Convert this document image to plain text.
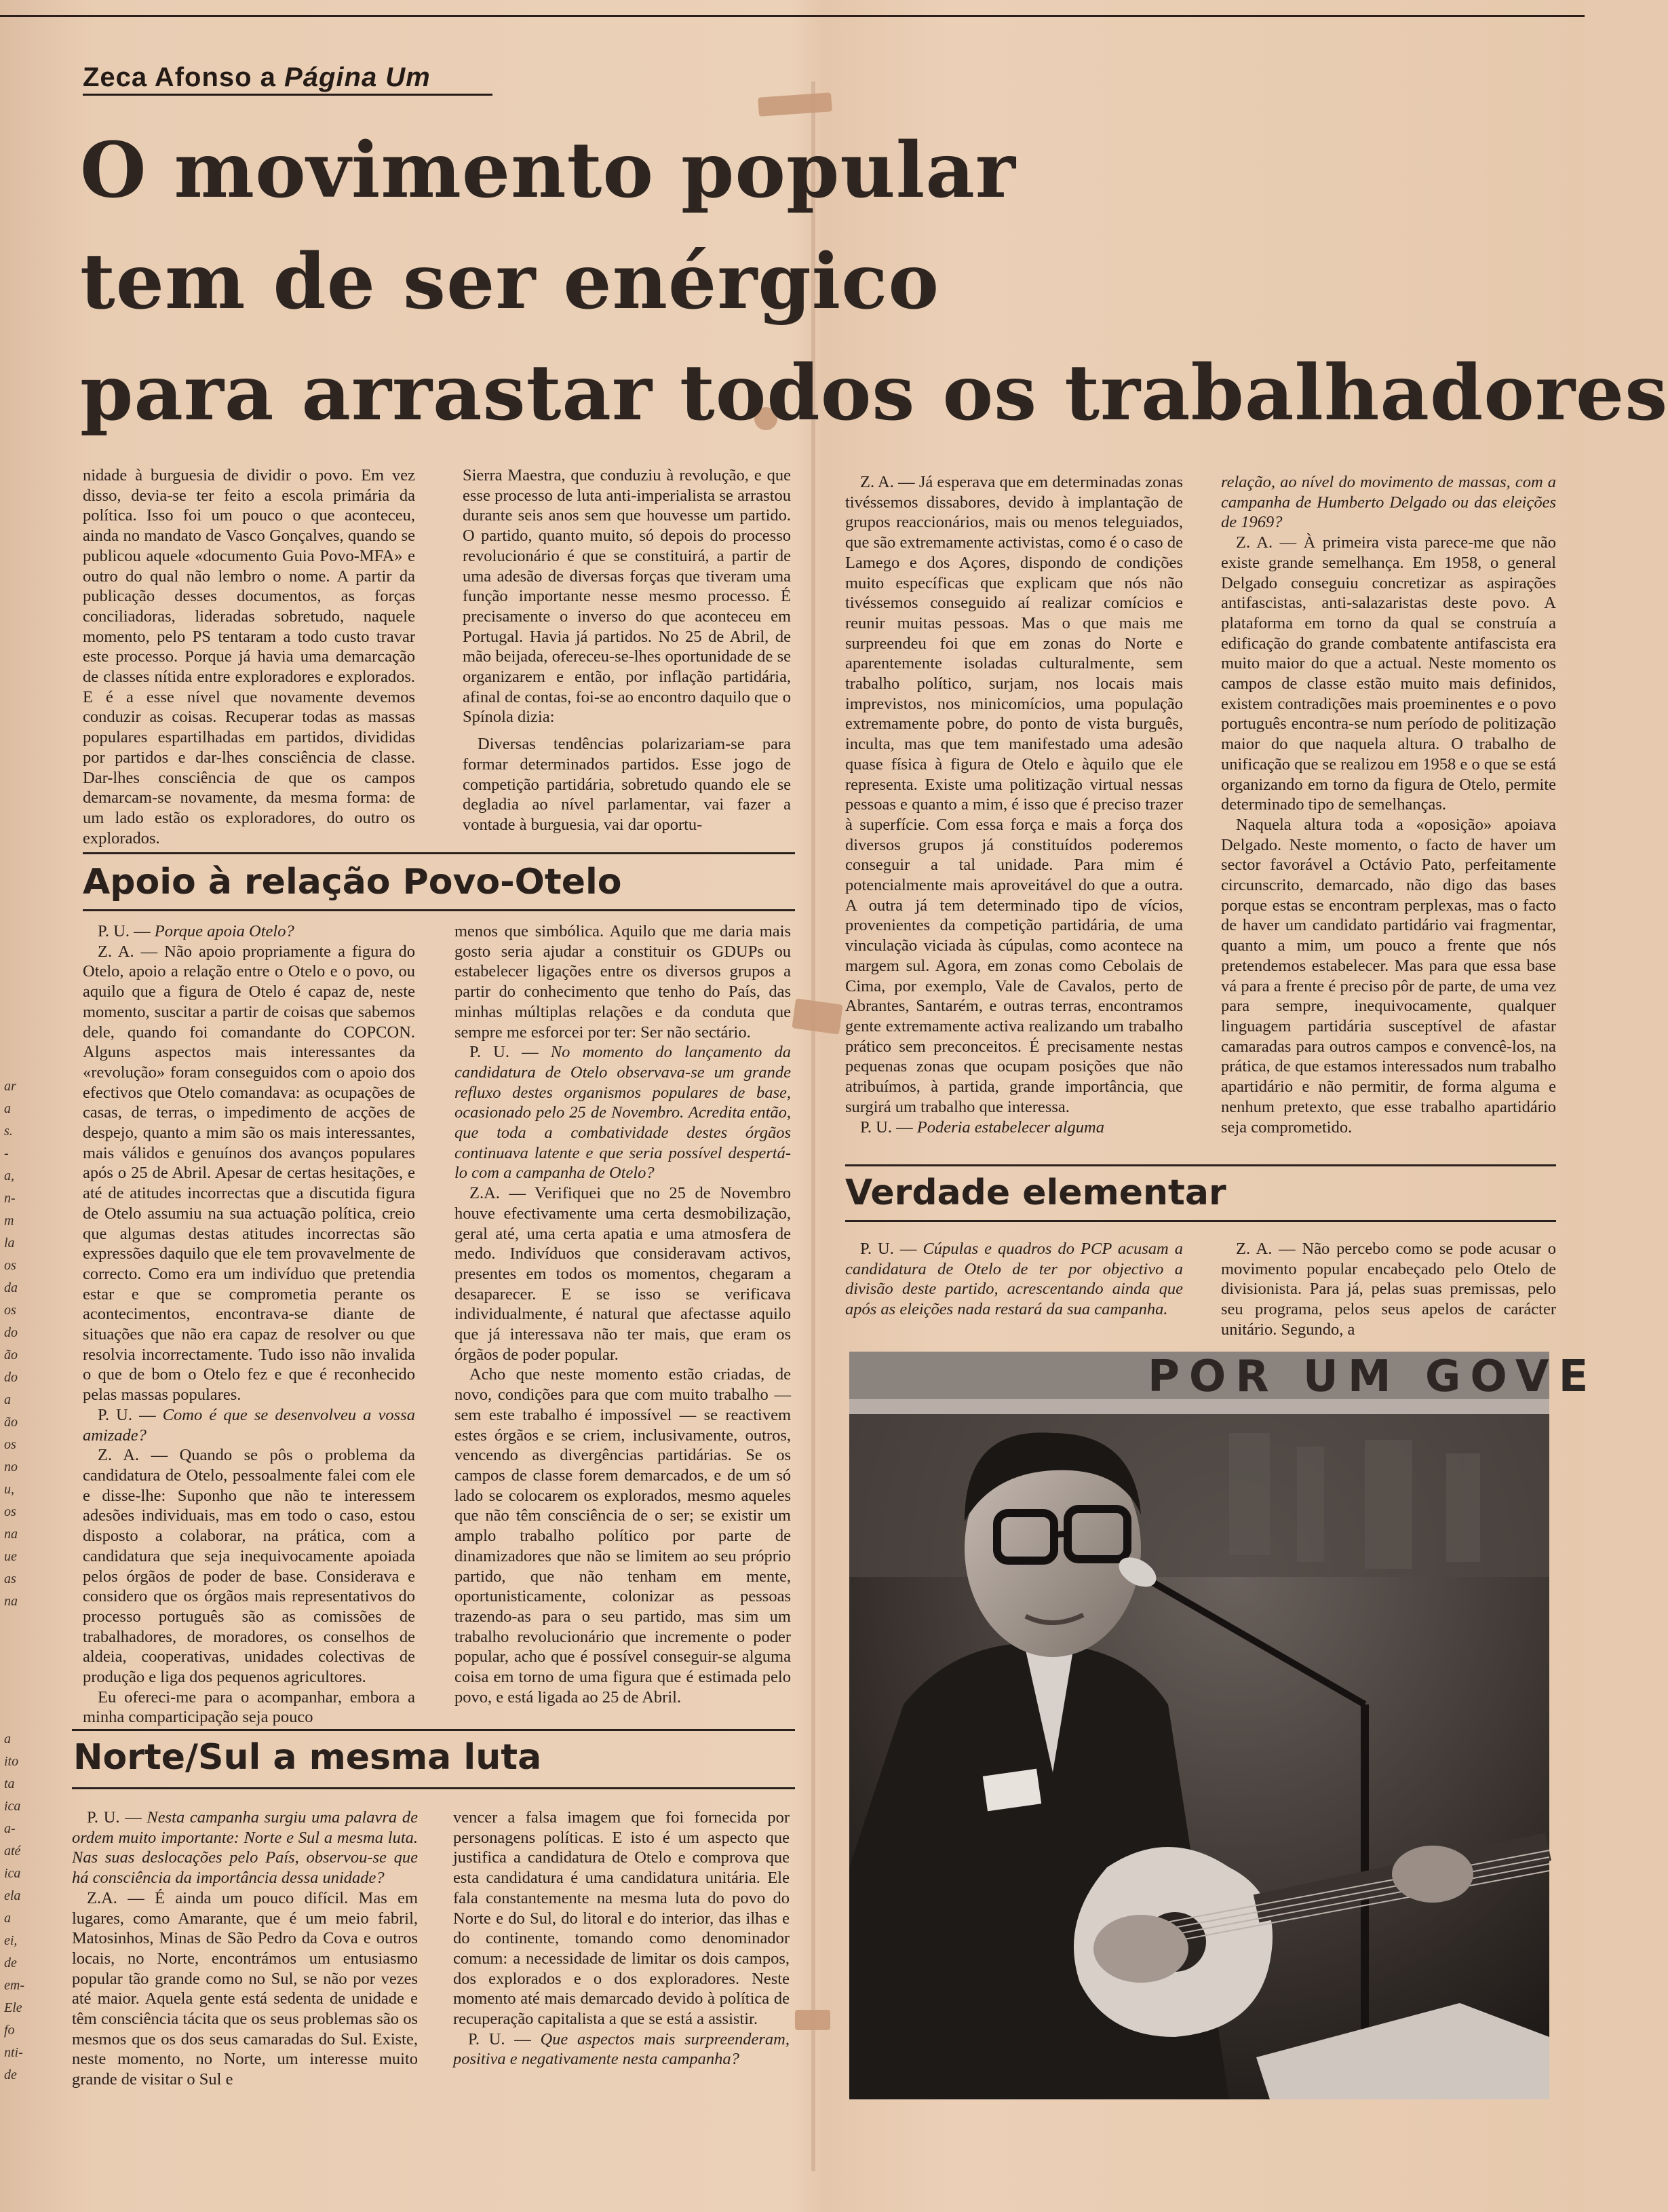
ar
a
s.
-
a,
n-
m
la
os
da
os
do
ão
do
a
ão
os
no
u,
os
na
ue
as
na
a
ito
ta
ica
a-
até
ica
ela
a
ei,
de
em-
Ele
fo
nti-
de
Zeca Afonso a Página Um
O movimento popular
tem de ser enérgico
para arrastar todos os trabalhadores

nidade à burguesia de dividir o povo. Em vez disso, devia-se ter feito a escola primária da política. Isso foi um pouco o que aconteceu, ainda no mandato de Vasco Gonçalves, quando se publicou aquele «documento Guia Povo-MFA» e outro do qual não lembro o nome. A partir da publicação desses documentos, as forças conciliadoras, lideradas sobretudo, naquele momento, pelo PS tentaram a todo custo travar este processo. Porque já havia uma demarcação de classes nítida entre exploradores e explorados. E é a esse nível que novamente devemos conduzir as coisas. Recuperar todas as massas populares espartilhadas em partidos, divididas por partidos e dar-lhes consciência de classe. Dar-lhes consciência de que os campos demarcam-se novamente, da mesma forma: de um lado estão os exploradores, do outro os explorados.

Sierra Maestra, que conduziu à revolução, e que esse processo de luta anti-imperialista se arrastou durante seis anos sem que houvesse um partido. O partido, quanto muito, só depois do processo revolucionário é que se constituirá, a partir de uma adesão de diversas forças que tiveram uma função importante nesse mesmo processo. É precisamente o inverso do que aconteceu em Portugal. Havia já partidos. No 25 de Abril, de mão beijada, ofereceu-se-lhes oportunidade de se organizarem e então, por inflação partidária, afinal de contas, foi-se ao encontro daquilo que o Spínola dizia:

Diversas tendências polarizariam-se para formar determinados partidos. Esse jogo de competição partidária, sobretudo quando ele se degladia ao nível parlamentar, vai fazer a vontade à burguesia, vai dar oportu-

Z. A. — Já esperava que em determinadas zonas tivéssemos dissabores, devido à implantação de grupos reaccionários, mais ou menos teleguiados, que são extremamente activistas, como é o caso de Lamego e dos Açores, dispondo de condições muito específicas que explicam que nós não tivéssemos conseguido aí realizar comícios e reunir muitas pessoas. Mas o que mais me surpreendeu foi que em zonas do Norte e aparentemente isoladas culturalmente, sem trabalho político, surjam, nos locais mais imprevistos, nos minicomícios, uma população extremamente pobre, do ponto de vista burguês, inculta, mas que tem manifestado uma adesão quase física à figura de Otelo e àquilo que ele representa. Existe uma politização virtual nessas pessoas e quanto a mim, é isso que é preciso trazer à superfície. Com essa força e mais a força dos diversos grupos já constituídos poderemos conseguir a tal unidade. Para mim é potencialmente mais aproveitável do que a outra. A outra já tem determinado tipo de vícios, provenientes da competição partidária, de uma vinculação viciada às cúpulas, como acontece na margem sul. Agora, em zonas como Cebolais de Cima, por exemplo, Vale de Cavalos, perto de Abrantes, Santarém, e outras terras, encontramos gente extremamente activa realizando um trabalho prático sem preconceitos. É precisamente nestas pequenas zonas que ocupam posições que não atribuímos, à partida, grande importância, que surgirá um trabalho que interessa.

P. U. — Poderia estabelecer alguma

relação, ao nível do movimento de massas, com a campanha de Humberto Delgado ou das eleições de 1969?

Z. A. — À primeira vista parece-me que não existe grande semelhança. Em 1958, o general Delgado conseguiu concretizar as aspirações antifascistas, anti-salazaristas deste povo. A plataforma em torno da qual se construía a edificação do grande combatente antifascista era muito maior do que a actual. Neste momento os campos de classe estão muito mais definidos, existem contradições mais proeminentes e o povo português encontra-se num período de politização maior do que naquela altura. O trabalho de unificação que se realizou em 1958 e o que se está organizando em torno da figura de Otelo, permite determinado tipo de semelhanças.

Naquela altura toda a «oposição» apoiava Delgado. Neste momento, o facto de haver um sector favorável a Octávio Pato, perfeitamente circunscrito, demarcado, não digo das bases porque estas se encontram perplexas, mas o facto de haver um candidato partidário vai fragmentar, quanto a mim, um pouco a frente que nós pretendemos estabelecer. Mas para que essa base vá para a frente é preciso pôr de parte, de uma vez para sempre, inequivocamente, qualquer linguagem partidária susceptível de afastar camaradas para outros campos e convencê-los, na prática, de que estamos interessados num trabalho apartidário e não permitir, de forma alguma e nenhum pretexto, que esse trabalho apartidário seja comprometido.

Apoio à relação Povo-Otelo

P. U. — Porque apoia Otelo?

Z. A. — Não apoio propriamente a figura do Otelo, apoio a relação entre o Otelo e o povo, ou aquilo que a figura de Otelo é capaz de, neste momento, suscitar a partir de coisas que sabemos dele, quando foi comandante do COPCON. Alguns aspectos mais interessantes da «revolução» foram conseguidos com o apoio dos efectivos que Otelo comandava: as ocupações de casas, de terras, o impedimento de acções de despejo, quanto a mim são os mais interessantes, mais válidos e genuínos dos avanços populares após o 25 de Abril. Apesar de certas hesitações, e até de atitudes incorrectas que a discutida figura de Otelo assumiu na sua actuação política, creio que algumas destas atitudes incorrectas são expressões daquilo que ele tem provavelmente de correcto. Como era um indivíduo que pretendia estar e que se comprometia perante os acontecimentos, encontrava-se diante de situações que não era capaz de resolver ou que resolvia incorrectamente. Tudo isso não invalida o que de bom o Otelo fez e que é reconhecido pelas massas populares.

P. U. — Como é que se desenvolveu a vossa amizade?

Z. A. — Quando se pôs o problema da candidatura de Otelo, pessoalmente falei com ele e disse-lhe: Suponho que não te interessem adesões individuais, mas em todo o caso, estou disposto a colaborar, na prática, com a candidatura que seja inequivocamente apoiada pelos órgãos de poder de base. Considerava e considero que os órgãos mais representativos do processo português são as comissões de trabalhadores, de moradores, os conselhos de aldeia, cooperativas, unidades colectivas de produção e liga dos pequenos agricultores.

Eu ofereci-me para o acompanhar, embora a minha comparticipação seja pouco

menos que simbólica. Aquilo que me daria mais gosto seria ajudar a constituir os GDUPs ou estabelecer ligações entre os diversos grupos a partir do conhecimento que tenho do País, das minhas múltiplas relações e da conduta que sempre me esforcei por ter: Ser não sectário.

P. U. — No momento do lançamento da candidatura de Otelo observava-se um grande refluxo destes organismos populares de base, ocasionado pelo 25 de Novembro. Acredita então, que toda a combatividade destes órgãos continuava latente e que seria possível despertá-lo com a campanha de Otelo?

Z.A. — Verifiquei que no 25 de Novembro houve efectivamente uma certa desmobilização, geral até, uma certa apatia e uma atmosfera de medo. Indivíduos que consideravam activos, presentes em todos os momentos, chegaram a desaparecer. E se isso se verificava individualmente, é natural que afectasse aquilo que já interessava não ter mais, que eram os órgãos de poder popular.

Acho que neste momento estão criadas, de novo, condições para que com muito trabalho — sem este trabalho é impossível — se reactivem estes órgãos e se criem, inclusivamente, outros, vencendo as divergências partidárias. Se os campos de classe forem demarcados, e de um só lado se colocarem os explorados, mesmo aqueles que não têm consciência de o ser; se existir um amplo trabalho político por parte de dinamizadores que não se limitem ao seu próprio partido, que não tenham em mente, oportunisticamente, colonizar as pessoas trazendo-as para o seu partido, mas sim um trabalho revolucionário que incremente o poder popular, acho que é possível conseguir-se alguma coisa em torno de uma figura que é estimada pelo povo, e está ligada ao 25 de Abril.

Verdade elementar

P. U. — Cúpulas e quadros do PCP acusam a candidatura de Otelo de ter por objectivo a divisão deste partido, acrescentando ainda que após as eleições nada restará da sua campanha.

Z. A. — Não percebo como se pode acusar o movimento popular encabeçado pelo Otelo de divisionista. Para já, pelas suas premissas, pelo seu programa, pelos seus apelos de carácter unitário. Segundo, a

Norte/Sul a mesma luta

P. U. — Nesta campanha surgiu uma palavra de ordem muito importante: Norte e Sul a mesma luta. Nas suas deslocações pelo País, observou-se que há consciência da importância dessa unidade?

Z.A. — É ainda um pouco difícil. Mas em lugares, como Amarante, que é um meio fabril, Matosinhos, Minas de São Pedro da Cova e outros locais, no Norte, encontrámos um entusiasmo popular tão grande como no Sul, se não por vezes até maior. Aquela gente está sedenta de unidade e têm consciência tácita que os seus problemas são os mesmos que os dos seus camaradas do Sul. Existe, neste momento, no Norte, um interesse muito grande de visitar o Sul e

vencer a falsa imagem que foi fornecida por personagens políticas. E isto é um aspecto que justifica a candidatura de Otelo e comprova que esta candidatura é uma candidatura unitária. Ele fala constantemente na mesma luta do povo do Norte e do Sul, do litoral e do interior, das ilhas e do continente, tomando como denominador comum: a necessidade de limitar os dois campos, dos explorados e o dos exploradores. Neste momento até mais demarcado devido à política de recuperação capitalista a que se está a assistir.

P. U. — Que aspectos mais surpreenderam, positiva e negativamente nesta campanha?

POR UM GOVE
